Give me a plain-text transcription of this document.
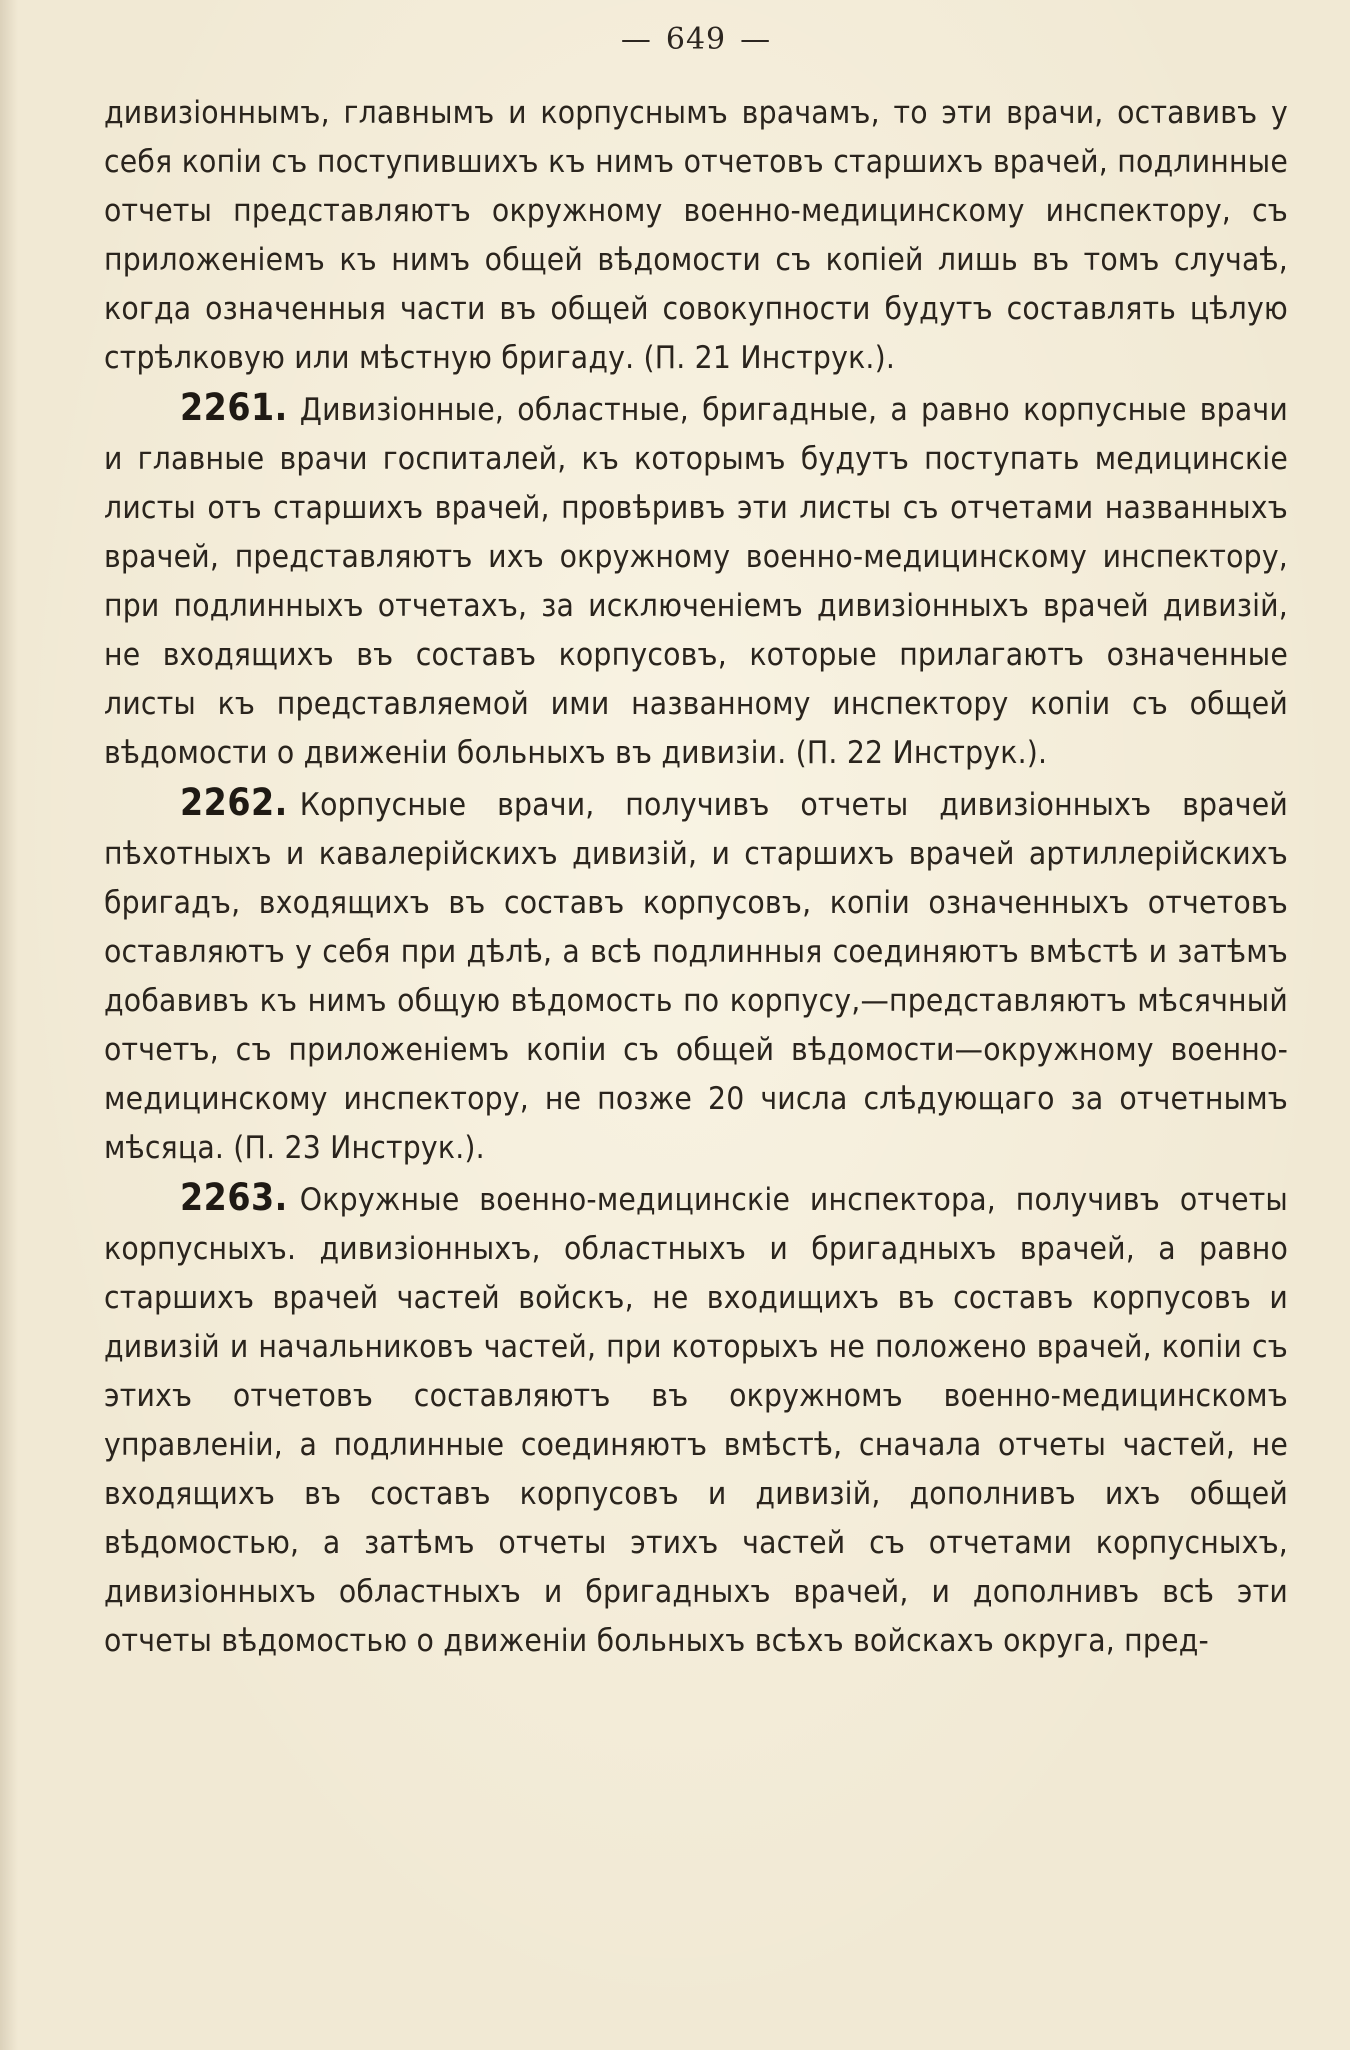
— 649 —

дивизіоннымъ, главнымъ и корпуснымъ врачамъ, то эти врачи, оставивъ у себя копіи съ поступившихъ къ нимъ отчетовъ старшихъ врачей, подлинные отчеты представляютъ окружному военно-медицинскому инспектору, съ приложеніемъ къ нимъ общей вѣдомости съ копіей лишь въ томъ случаѣ, когда означенныя части въ общей совокупности будутъ составлять цѣлую стрѣлковую или мѣстную бригаду. (П. 21 Инструк.).

2261. Дивизіонные, областные, бригадные, а равно корпусные врачи и главные врачи госпиталей, къ которымъ будутъ поступать медицинскіе листы отъ старшихъ врачей, провѣривъ эти листы съ отчетами названныхъ врачей, представляютъ ихъ окружному военно-медицинскому инспектору, при подлинныхъ отчетахъ, за исключеніемъ дивизіонныхъ врачей дивизій, не входящихъ въ составъ корпусовъ, которые прилагаютъ означенные листы къ представляемой ими названному инспектору копіи съ общей вѣдомости о движеніи больныхъ въ дивизіи. (П. 22 Инструк.).

2262. Корпусные врачи, получивъ отчеты дивизіонныхъ врачей пѣхотныхъ и кавалерійскихъ дивизій, и старшихъ врачей артиллерійскихъ бригадъ, входящихъ въ составъ корпусовъ, копіи означенныхъ отчетовъ оставляютъ у себя при дѣлѣ, а всѣ подлинныя соединяютъ вмѣстѣ и затѣмъ добавивъ къ нимъ общую вѣдомость по корпусу,—представляютъ мѣсячный отчетъ, съ приложеніемъ копіи съ общей вѣдомости—окружному военно-медицинскому инспектору, не позже 20 числа слѣдующаго за отчетнымъ мѣсяца. (П. 23 Инструк.).

2263. Окружные военно-медицинскіе инспектора, получивъ отчеты корпусныхъ. дивизіонныхъ, областныхъ и бригадныхъ врачей, а равно старшихъ врачей частей войскъ, не входищихъ въ составъ корпусовъ и дивизій и начальниковъ частей, при которыхъ не положено врачей, копіи съ этихъ отчетовъ составляютъ въ окружномъ военно-медицинскомъ управленіи, а подлинные соединяютъ вмѣстѣ, сначала отчеты частей, не входящихъ въ составъ корпусовъ и дивизій, дополнивъ ихъ общей вѣдомостью, а затѣмъ отчеты этихъ частей съ отчетами корпусныхъ, дивизіонныхъ областныхъ и бригадныхъ врачей, и дополнивъ всѣ эти отчеты вѣдомостью о движеніи больныхъ всѣхъ войскахъ округа, пред-
